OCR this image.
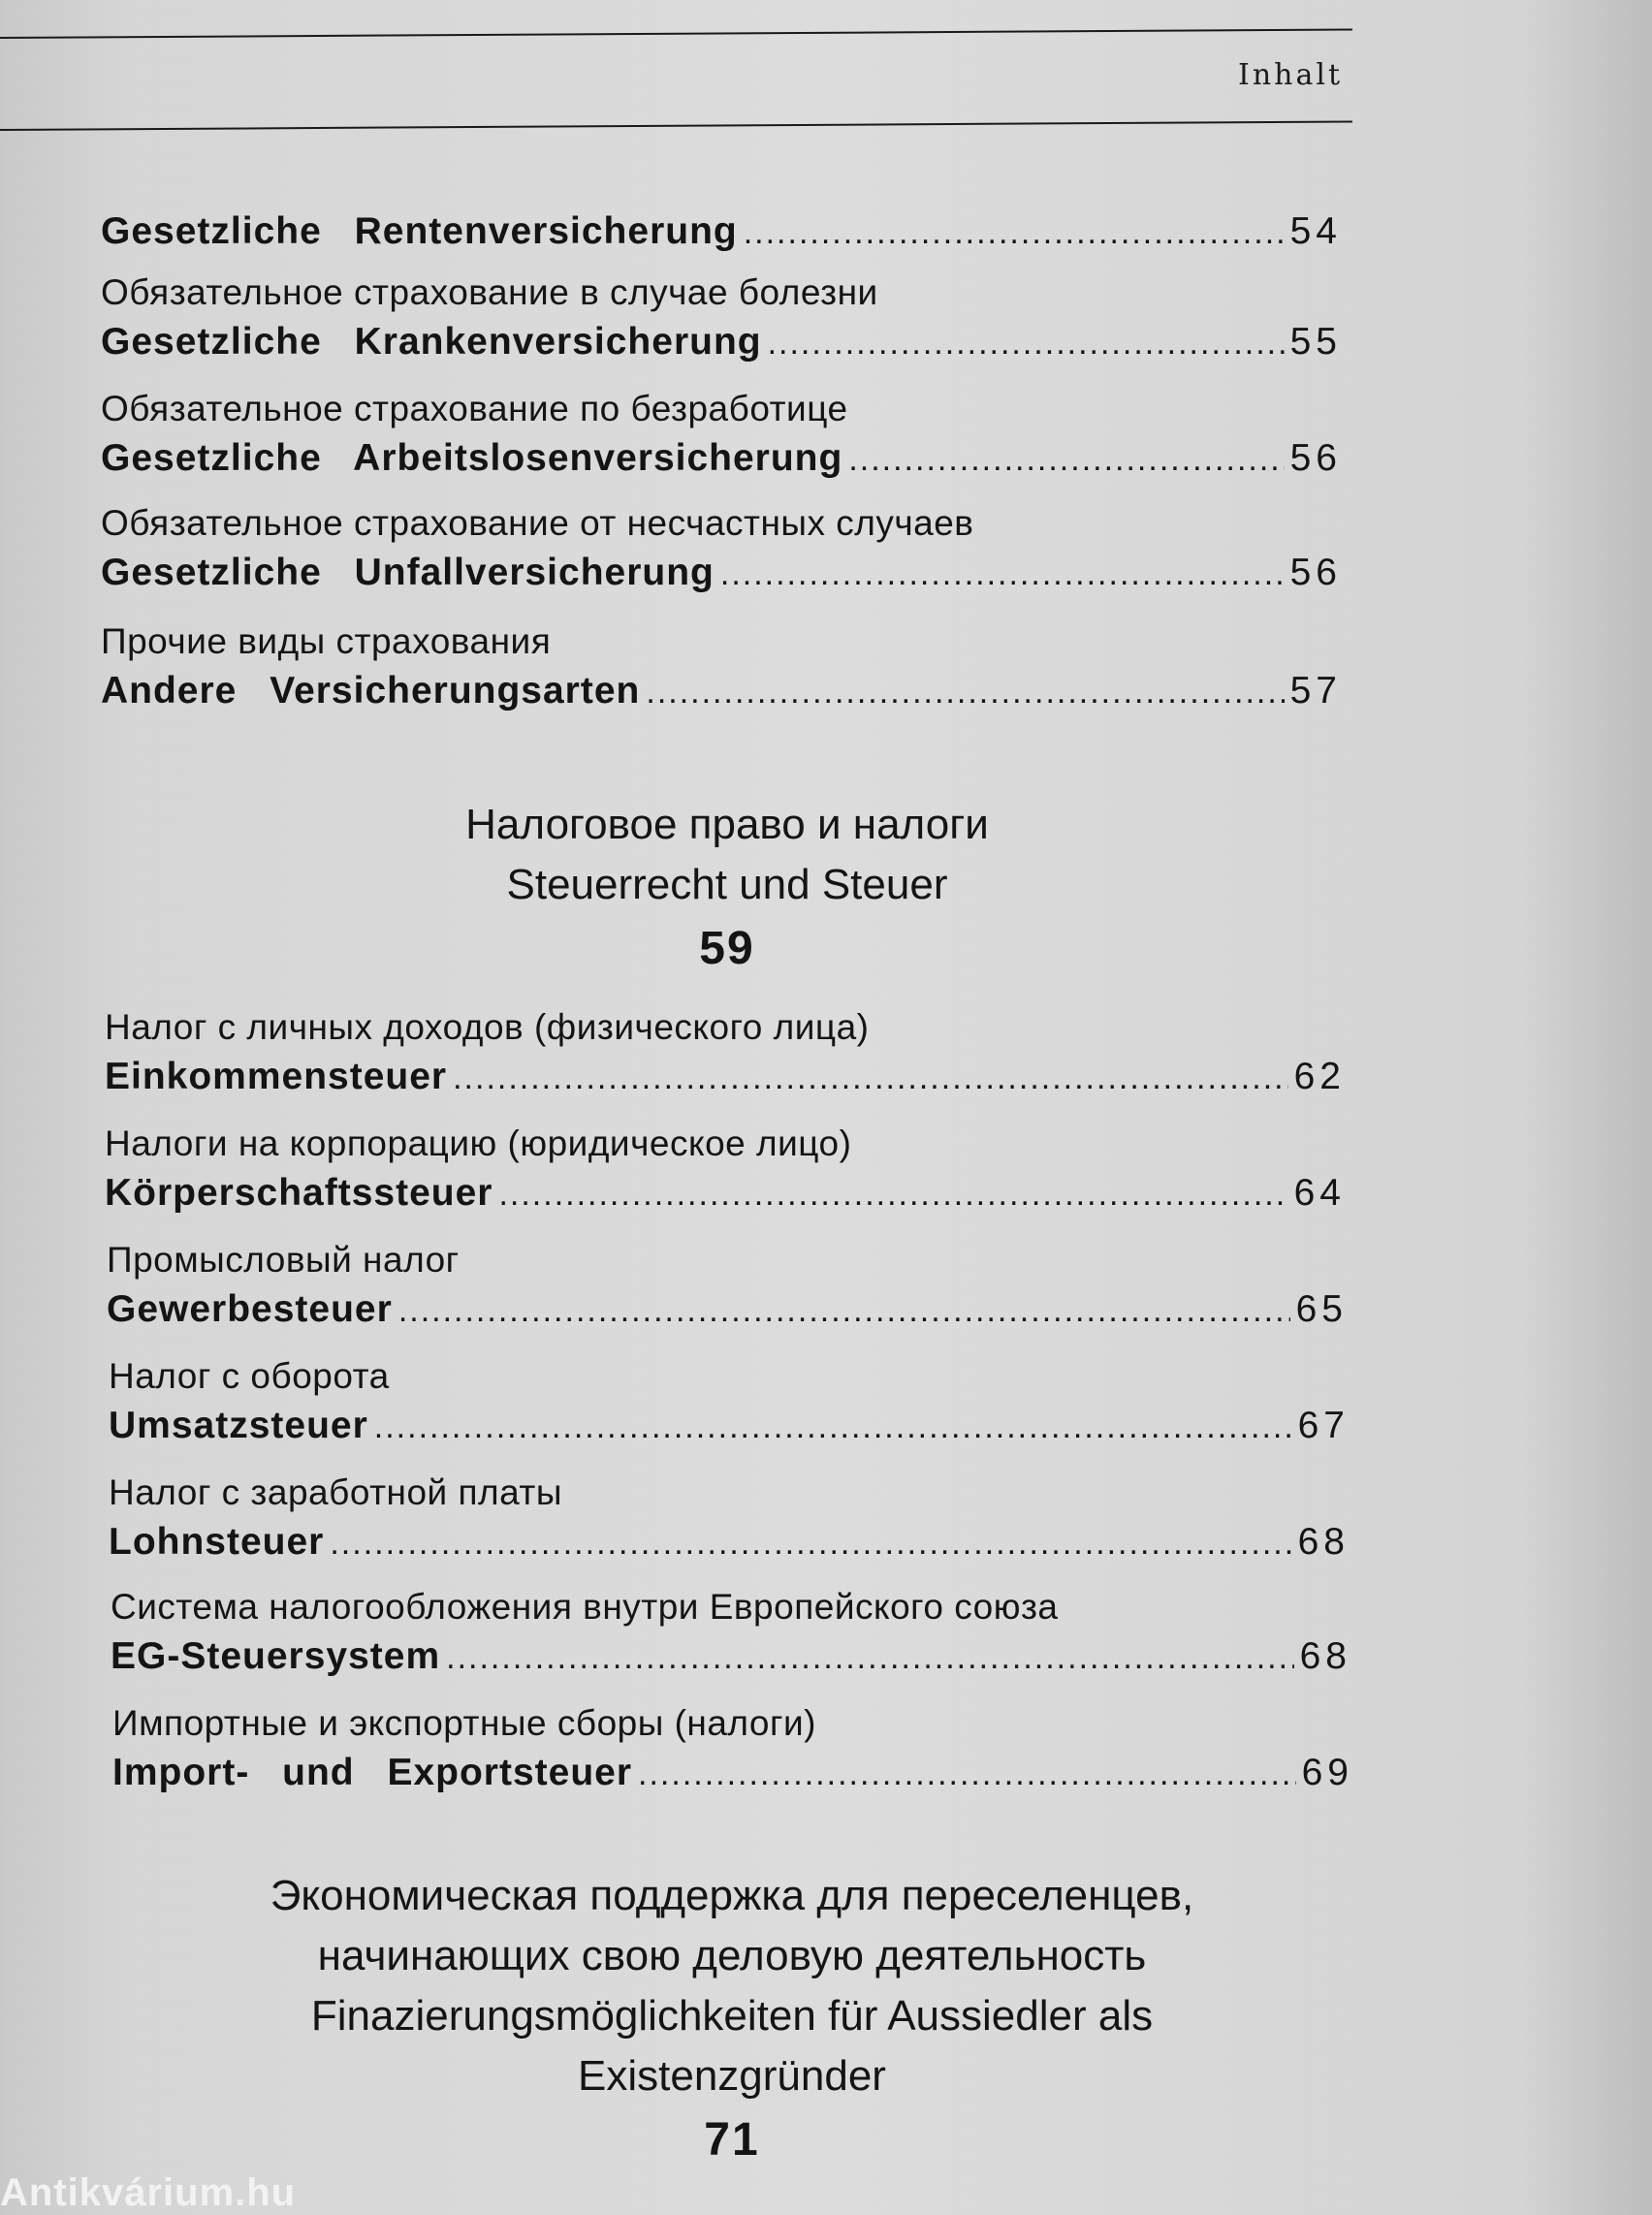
Inhalt
Gesetzliche Rentenversicherung .....	54
Обязательное страхование в случае болезни
Gesetzliche Krankenversicherung .....	55
Обязательное страхование по безработице
Gesetzliche Arbeitslosenversicherung .....	56
Обязательное страхование от несчастных случаев
Gesetzliche Unfallversicherung .....	56
Прочие виды страхования
Andere Versicherungsarten .....	57
Налоговое право и налоги
Steuerrecht und Steuer
59
Налог с личных доходов (физического лица)
Einkommensteuer .....	62
Налоги на корпорацию (юридическое лицо)
Körperschaftssteuer .....	64
Промысловый налог
Gewerbesteuer .....	65
Налог с оборота
Umsatzsteuer .....	67
Налог с заработной платы
Lohnsteuer .....	68
Система налогообложения внутри Европейского союза
EG-Steuersystem .....	68
Импортные и экспортные сборы (налоги)
Import- und Exportsteuer .....	69
Экономическая поддержка для переселенцев,
начинающих свою деловую деятельность
Finazierungsmöglichkeiten für Aussiedler als
Existenzgründer
71
Antikvárium.hu
